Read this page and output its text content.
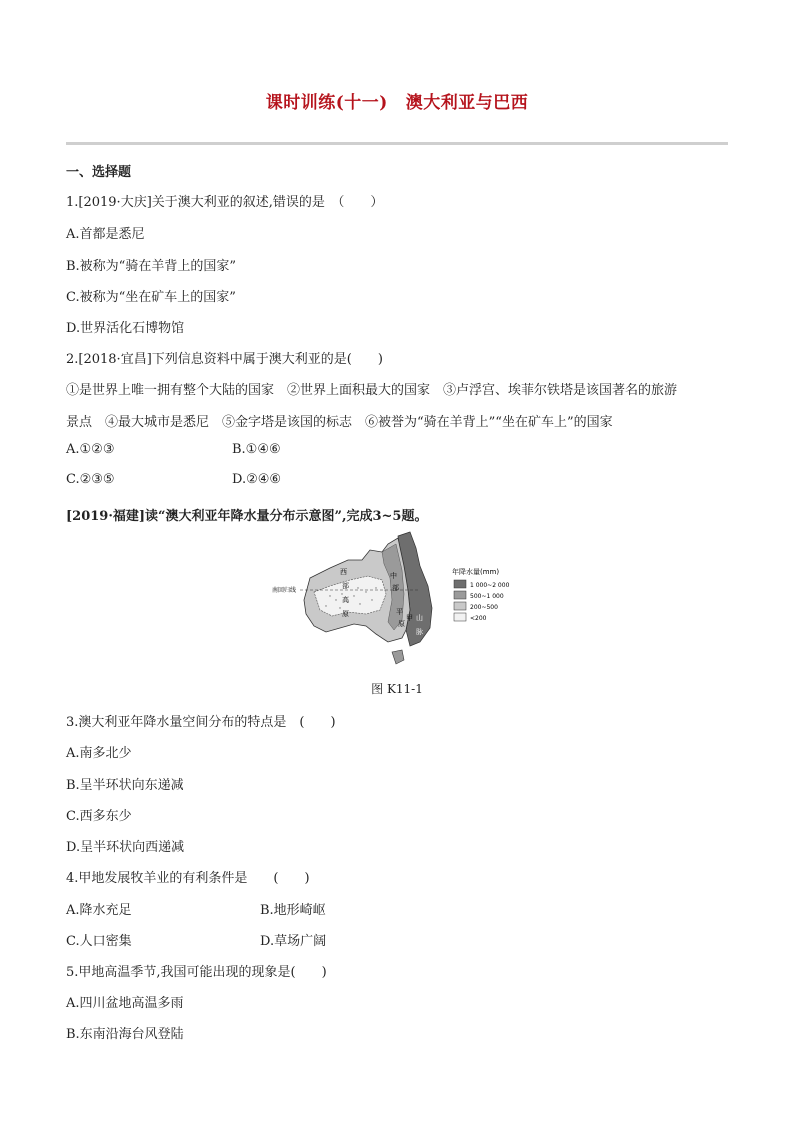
课时训练(十一) 澳大利亚与巴西
一、选择题
1.[2019·大庆]关于澳大利亚的叙述,错误的是　（　　）
A.首都是悉尼
B.被称为“骑在羊背上的国家”
C.被称为“坐在矿车上的国家”
D.世界活化石博物馆
2.[2018·宜昌]下列信息资料中属于澳大利亚的是(　　)
①是世界上唯一拥有整个大陆的国家　②世界上面积最大的国家　③卢浮宫、埃菲尔铁塔是该国著名的旅游
景点　④最大城市是悉尼　⑤金字塔是该国的标志　⑥被誉为“骑在羊背上”“坐在矿车上”的国家
A.①②③	B.①④⑥
C.②③⑤	D.②④⑥
[2019·福建]读“澳大利亚年降水量分布示意图”,完成3~5题。
南回归线
西
部
高
原
中
部
平
原
甲 山
脉
年降水量(mm)
1 000~2 000
500~1 000
200~500
<200
图 K11-1
3.澳大利亚年降水量空间分布的特点是　(　　)
A.南多北少
B.呈半环状向东递减
C.西多东少
D.呈半环状向西递减
4.甲地发展牧羊业的有利条件是　　(　　)
A.降水充足	B.地形崎岖
C.人口密集	D.草场广阔
5.甲地高温季节,我国可能出现的现象是(　　)
A.四川盆地高温多雨
B.东南沿海台风登陆
